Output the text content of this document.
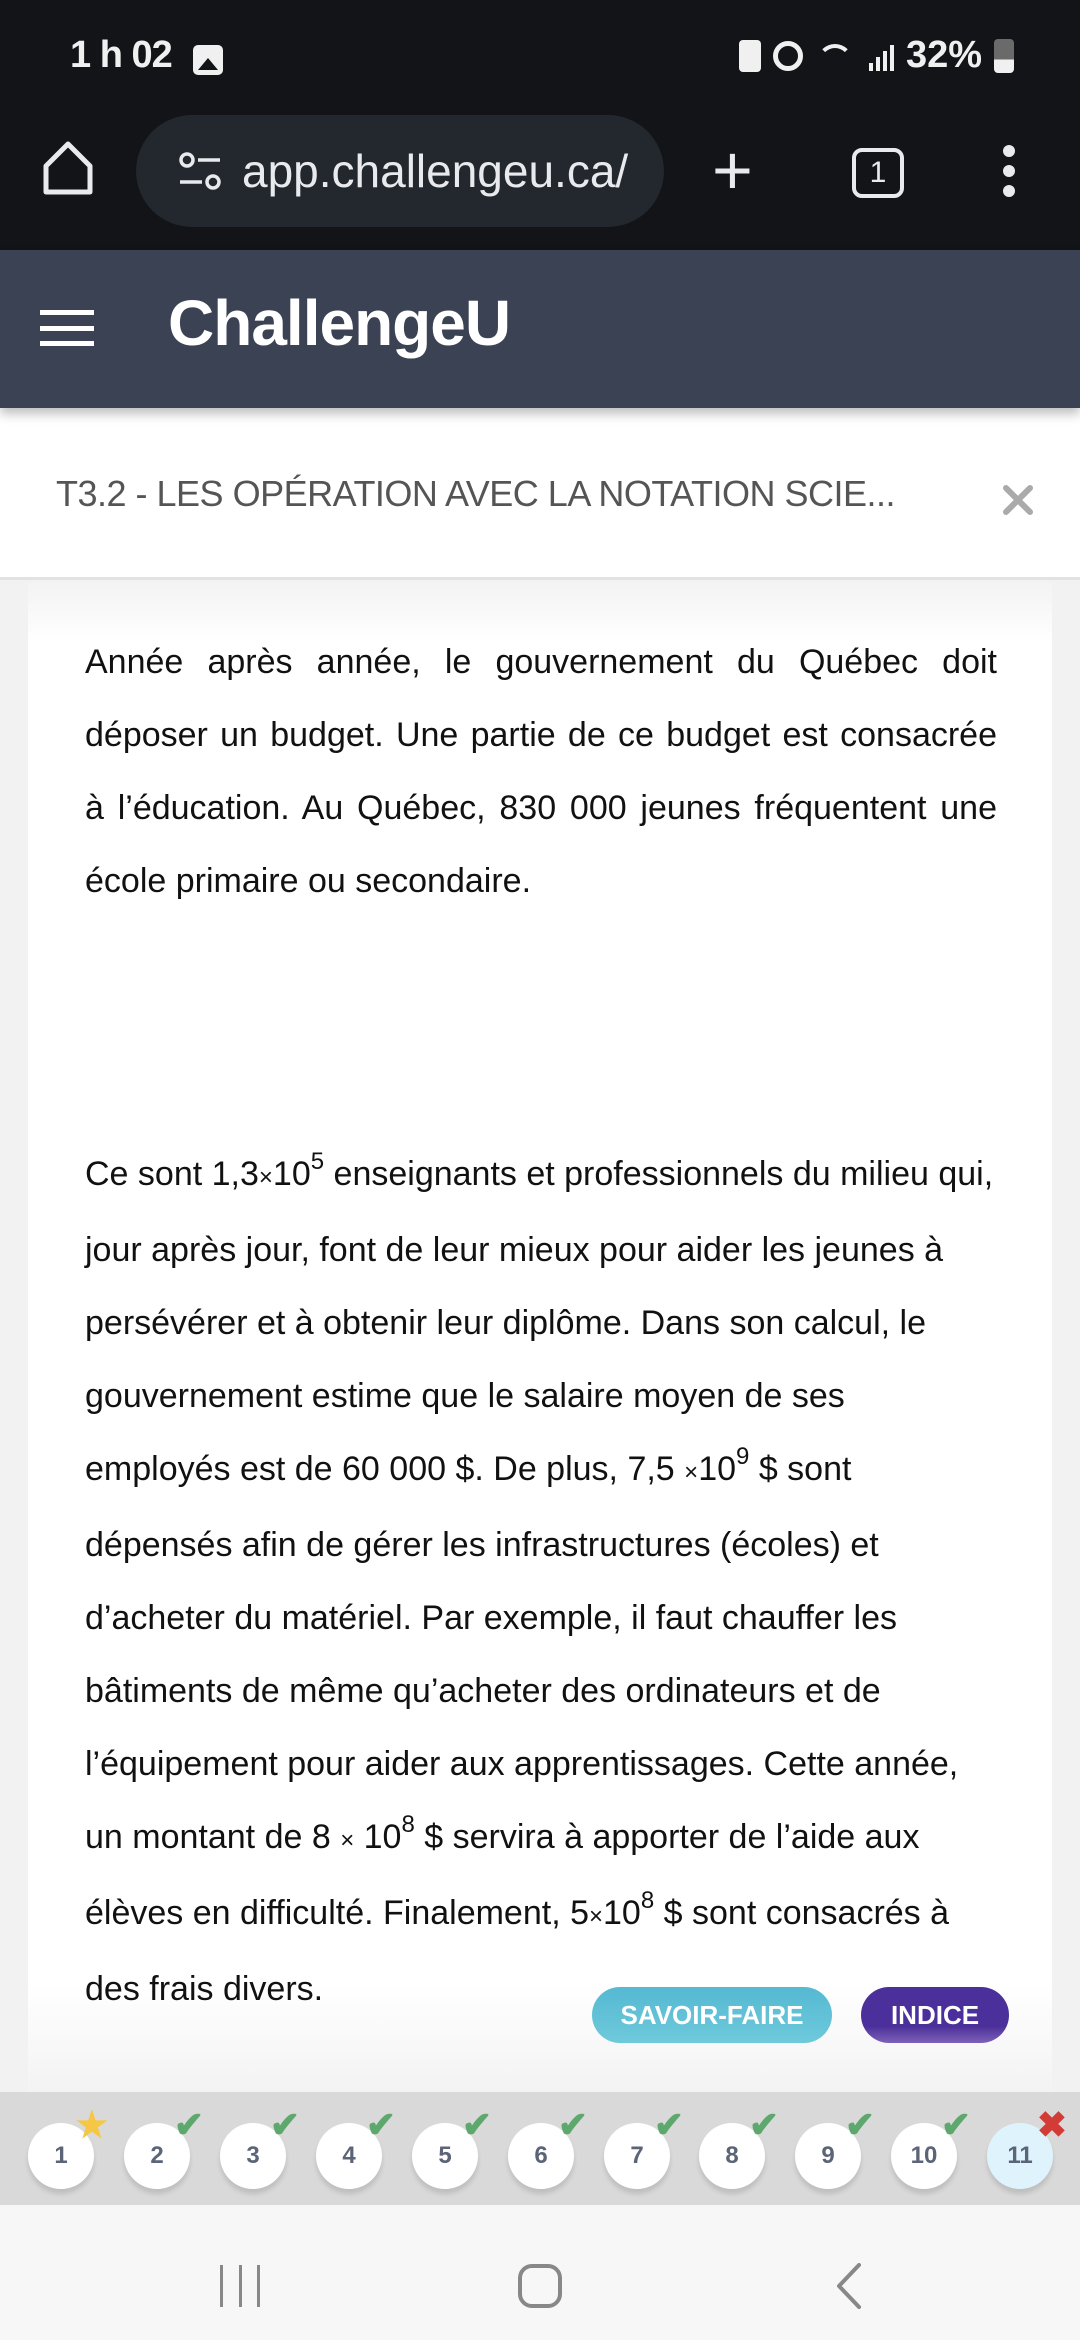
1 h 02	32%
app.challengeu.ca/ +	1
ChallengeU
T3.2 - LES OPÉRATION AVEC LA NOTATION SCIE...

Année après année, le gouvernement du Québec doit déposer un budget. Une partie de ce budget est consacrée à l’éducation. Au Québec, 830 000 jeunes fréquentent une école primaire ou secondaire.

Ce sont $1,3\times 10^5$ enseignants et professionnels du milieu qui, jour après jour, font de leur mieux pour aider les jeunes à persévérer et à obtenir leur diplôme. Dans son calcul, le gouvernement estime que le salaire moyen de ses employés est de 60 000 $. De plus, $7,5 \times 10^9$ $ sont dépensés afin de gérer les infrastructures (écoles) et d’acheter du matériel. Par exemple, il faut chauffer les bâtiments de même qu’acheter des ordinateurs et de l’équipement pour aider aux apprentissages. Cette année, un montant de $8 \times 10^8$ $ servira à apporter de l’aide aux élèves en difficulté. Finalement, $5\times 10^8$ $ sont consacrés à des frais divers.

SAVOIR-FAIRE	INDICE
1
★
2
✔
3
✔
4
✔
5
✔
6
✔
7
✔
8
✔
9
✔
10
✔
11
✖
